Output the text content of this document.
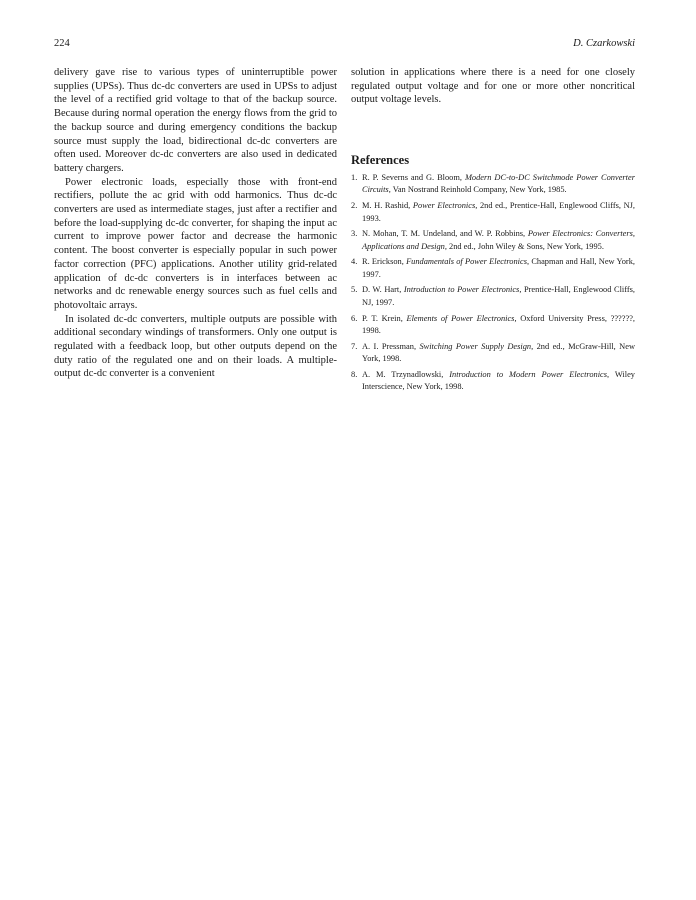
224	D. Czarkowski

delivery gave rise to various types of uninterruptible power supplies (UPSs). Thus dc-dc converters are used in UPSs to adjust the level of a rectified grid voltage to that of the backup source. Because during normal operation the energy flows from the grid to the backup source and during emergency conditions the backup source must supply the load, bidirectional dc-dc converters are often used. Moreover dc-dc converters are also used in dedicated battery chargers.

Power electronic loads, especially those with front-end rectifiers, pollute the ac grid with odd harmonics. Thus dc-dc converters are used as intermediate stages, just after a rectifier and before the load-supplying dc-dc converter, for shaping the input ac current to improve power factor and decrease the harmonic content. The boost converter is especially popular in such power factor correction (PFC) applications. Another utility grid-related application of dc-dc converters is in interfaces between ac networks and dc renewable energy sources such as fuel cells and photovoltaic arrays.

In isolated dc-dc converters, multiple outputs are possible with additional secondary windings of transformers. Only one output is regulated with a feedback loop, but other outputs depend on the duty ratio of the regulated one and on their loads. A multiple-output dc-dc converter is a convenient

solution in applications where there is a need for one closely regulated output voltage and for one or more other noncritical output voltage levels.

References
1. R. P. Severns and G. Bloom, Modern DC-to-DC Switchmode Power Converter Circuits, Van Nostrand Reinhold Company, New York, 1985.
2. M. H. Rashid, Power Electronics, 2nd ed., Prentice-Hall, Englewood Cliffs, NJ, 1993.
3. N. Mohan, T. M. Undeland, and W. P. Robbins, Power Electronics: Converters, Applications and Design, 2nd ed., John Wiley & Sons, New York, 1995.
4. R. Erickson, Fundamentals of Power Electronics, Chapman and Hall, New York, 1997.
5. D. W. Hart, Introduction to Power Electronics, Prentice-Hall, Englewood Cliffs, NJ, 1997.
6. P. T. Krein, Elements of Power Electronics, Oxford University Press, ??????, 1998.
7. A. I. Pressman, Switching Power Supply Design, 2nd ed., McGraw-Hill, New York, 1998.
8. A. M. Trzynadlowski, Introduction to Modern Power Electronics, Wiley Interscience, New York, 1998.
